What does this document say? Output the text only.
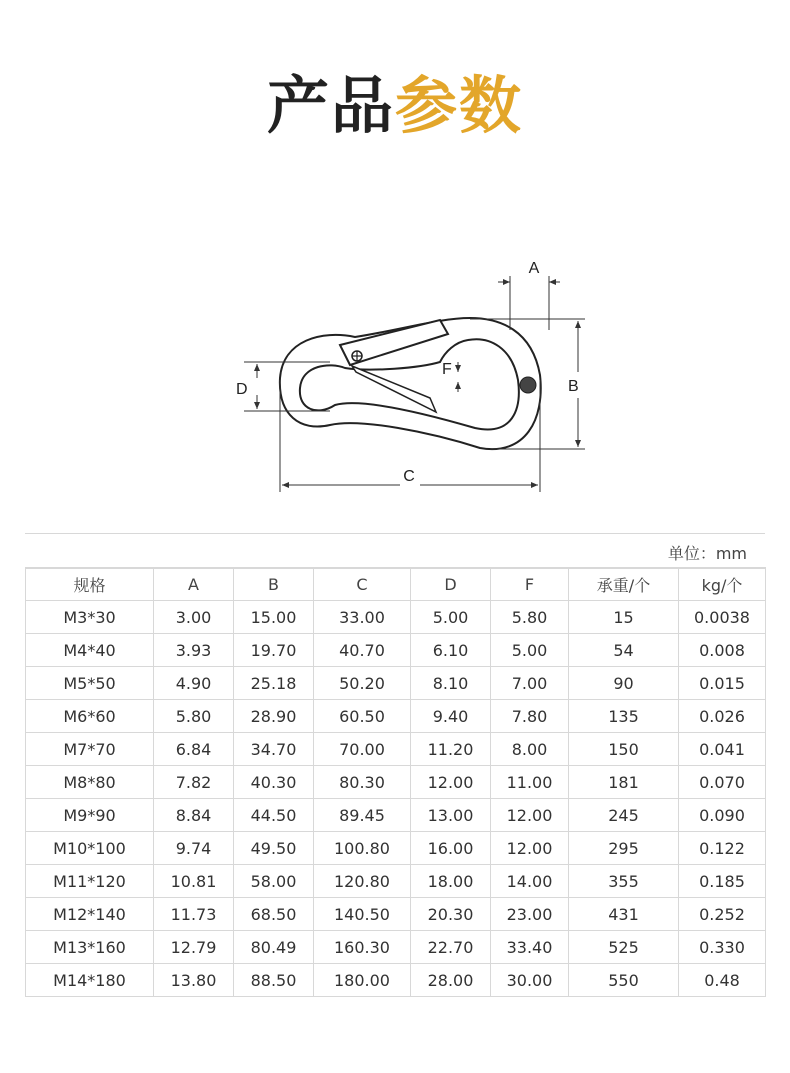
产品参数
A
B
C
D
F
单位：mm
规格	A	B	C	D	F	承重/个	kg/个
M3*30	3.00	15.00	33.00	5.00	5.80	15	0.0038
M4*40	3.93	19.70	40.70	6.10	5.00	54	0.008
M5*50	4.90	25.18	50.20	8.10	7.00	90	0.015
M6*60	5.80	28.90	60.50	9.40	7.80	135	0.026
M7*70	6.84	34.70	70.00	11.20	8.00	150	0.041
M8*80	7.82	40.30	80.30	12.00	11.00	181	0.070
M9*90	8.84	44.50	89.45	13.00	12.00	245	0.090
M10*100	9.74	49.50	100.80	16.00	12.00	295	0.122
M11*120	10.81	58.00	120.80	18.00	14.00	355	0.185
M12*140	11.73	68.50	140.50	20.30	23.00	431	0.252
M13*160	12.79	80.49	160.30	22.70	33.40	525	0.330
M14*180	13.80	88.50	180.00	28.00	30.00	550	0.48
